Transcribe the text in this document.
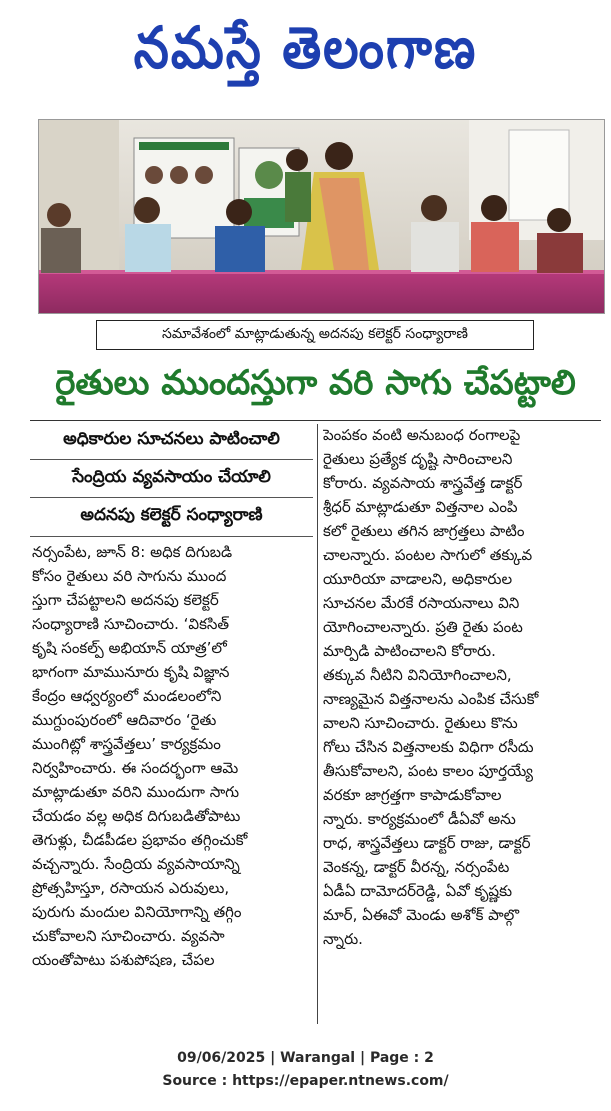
నమస్తే తెలంగాణ
సమావేశంలో మాట్లాడుతున్న అదనపు కలెక్టర్ సంధ్యారాణి
రైతులు ముందస్తుగా వరి సాగు చేపట్టాలి
అధికారుల సూచనలు పాటించాలి
సేంద్రియ వ్యవసాయం చేయాలి
అదనపు కలెక్టర్ సంధ్యారాణి
నర్సంపేట, జూన్ 8: అధిక దిగుబడి
కోసం రైతులు వరి సాగును ముంద
స్తుగా చేపట్టాలని అదనపు కలెక్టర్
సంధ్యారాణి సూచించారు. ‘వికసిత్
కృషి సంకల్ప్ అభియాన్ యాత్ర’లో
భాగంగా మామునూరు కృషి విజ్ఞాన
కేంద్రం ఆధ్వర్యంలో మండలంలోని
ముగ్దుంపురంలో ఆదివారం ‘రైతు
ముంగిట్లో శాస్త్రవేత్తలు’ కార్యక్రమం
నిర్వహించారు. ఈ సందర్భంగా ఆమె
మాట్లాడుతూ వరిని ముందుగా సాగు
చేయడం వల్ల అధిక దిగుబడితోపాటు
తెగుళ్లు, చీడపీడల ప్రభావం తగ్గించుకో
వచ్చన్నారు. సేంద్రియ వ్యవసాయాన్ని
ప్రోత్సహిస్తూ, రసాయన ఎరువులు,
పురుగు మందుల వినియోగాన్ని తగ్గిం
చుకోవాలని సూచించారు. వ్యవసా
యంతోపాటు పశుపోషణ, చేపల
పెంపకం వంటి అనుబంధ రంగాలపై
రైతులు ప్రత్యేక దృష్టి సారించాలని
కోరారు. వ్యవసాయ శాస్త్రవేత్త డాక్టర్
శ్రీధర్ మాట్లాడుతూ విత్తనాల ఎంపి
కలో రైతులు తగిన జాగ్రత్తలు పాటిం
చాలన్నారు. పంటల సాగులో తక్కువ
యూరియా వాడాలని, అధికారుల
సూచనల మేరకే రసాయనాలు విని
యోగించాలన్నారు. ప్రతి రైతు పంట
మార్పిడి పాటించాలని కోరారు.
తక్కువ నీటిని వినియోగించాలని,
నాణ్యమైన విత్తనాలను ఎంపిక చేసుకో
వాలని సూచించారు. రైతులు కొను
గోలు చేసిన విత్తనాలకు విధిగా రసీదు
తీసుకోవాలని, పంట కాలం పూర్తయ్యే
వరకూ జాగ్రత్తగా కాపాడుకోవాల
న్నారు. కార్యక్రమంలో డీఏవో అను
రాధ, శాస్త్రవేత్తలు డాక్టర్ రాజు, డాక్టర్
వెంకన్న, డాక్టర్ వీరన్న, నర్సంపేట
ఏడీఏ దామోదర్‌రెడ్డి, ఏవో కృష్ణకు
మార్, ఏఈవో మెండు అశోక్ పాల్గొ
న్నారు.
09/06/2025 | Warangal | Page : 2
Source : https://epaper.ntnews.com/
